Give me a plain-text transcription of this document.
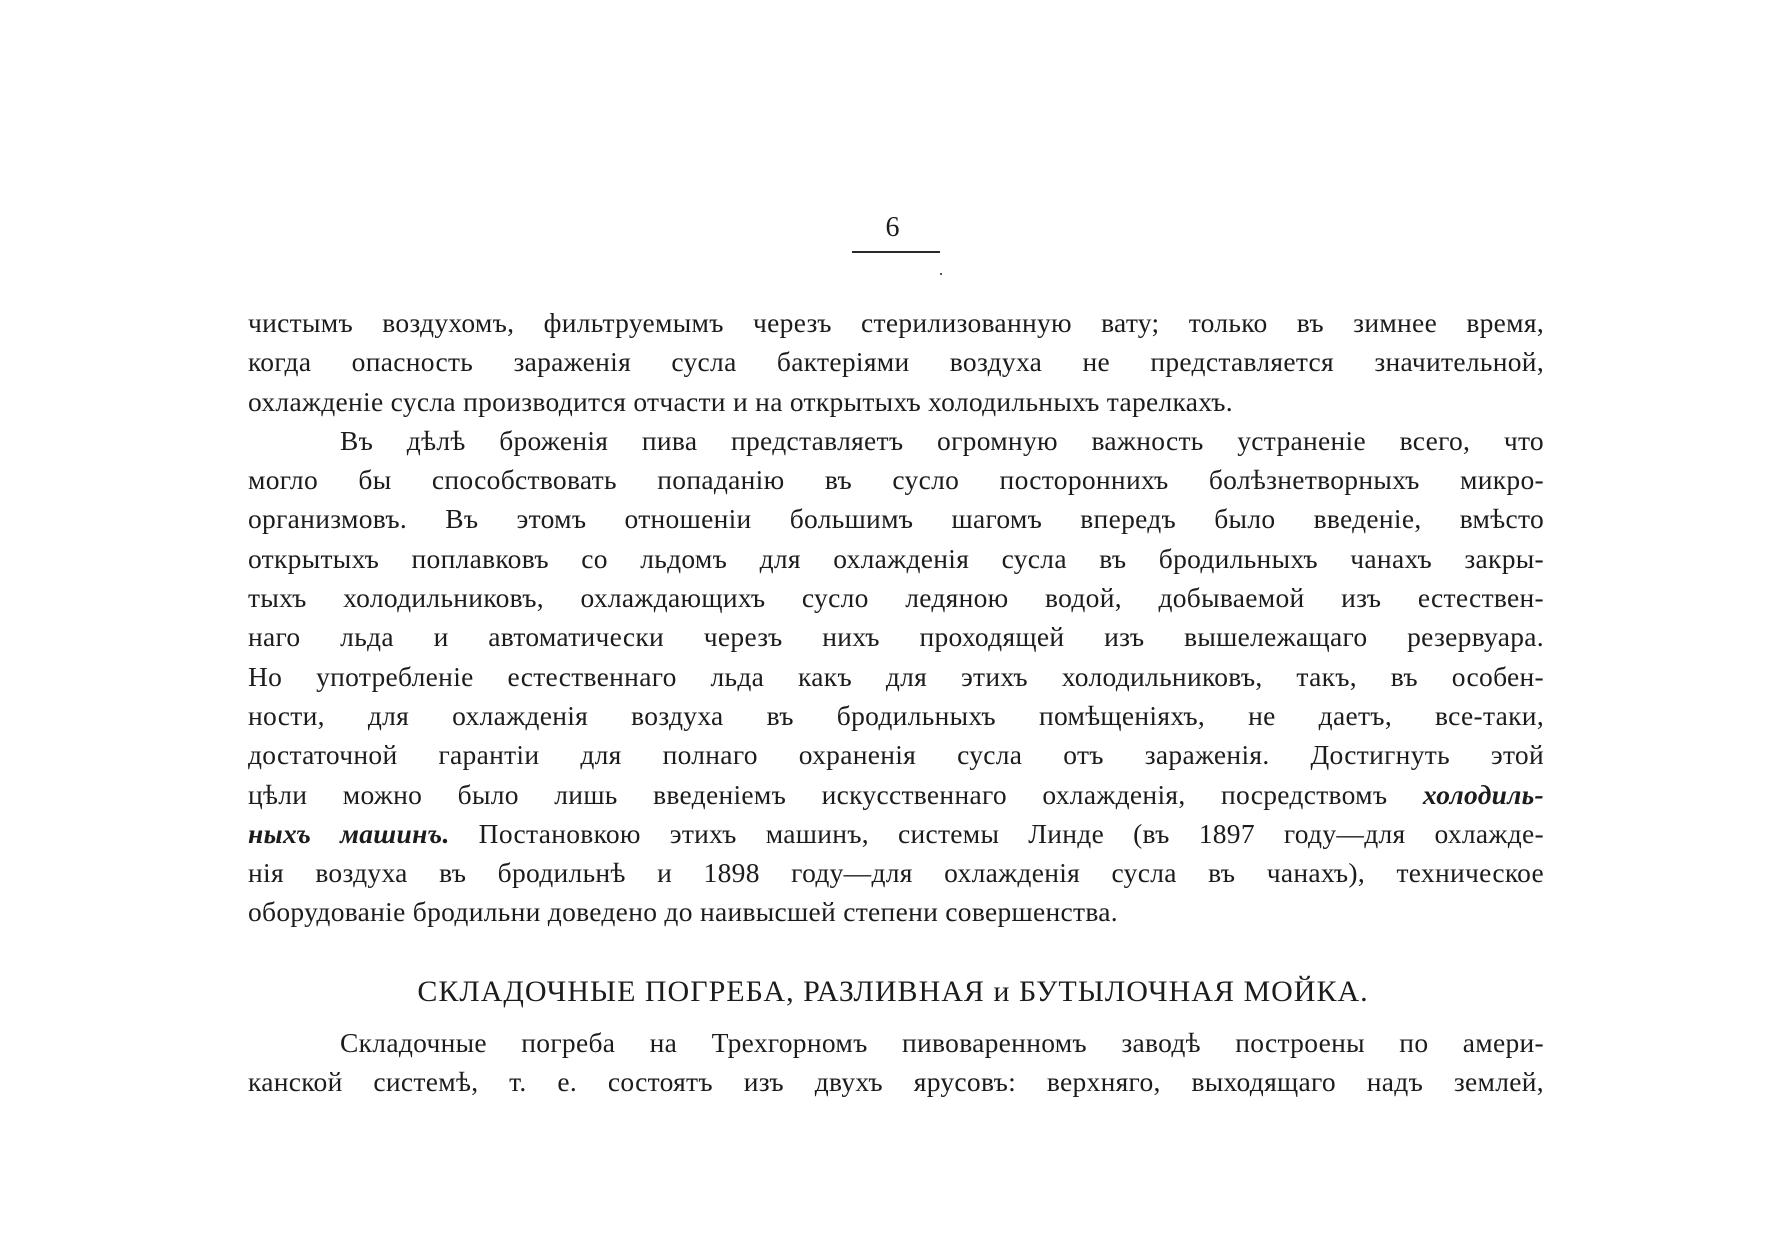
6
чистымъ воздухомъ, фильтруемымъ черезъ стерилизованную вату; только въ зимнее время,
когда опасность зараженія сусла бактеріями воздуха не представляется значительной,
охлажденіе сусла производится отчасти и на открытыхъ холодильныхъ тарелкахъ.
Въ дѣлѣ броженія пива представляетъ огромную важность устраненіе всего, что
могло бы способствовать попаданію въ сусло постороннихъ болѣзнетворныхъ микро-
организмовъ. Въ этомъ отношеніи большимъ шагомъ впередъ было введеніе, вмѣсто
открытыхъ поплавковъ со льдомъ для охлажденія сусла въ бродильныхъ чанахъ закры-
тыхъ холодильниковъ, охлаждающихъ сусло ледяною водой, добываемой изъ естествен-
наго льда и автоматически черезъ нихъ проходящей изъ вышележащаго резервуара.
Но употребленіе естественнаго льда какъ для этихъ холодильниковъ, такъ, въ особен-
ности, для охлажденія воздуха въ бродильныхъ помѣщеніяхъ, не даетъ, все-таки,
достаточной гарантіи для полнаго охраненія сусла отъ зараженія. Достигнуть этой
цѣли можно было лишь введеніемъ искусственнаго охлажденія, посредствомъ холодиль-
ныхъ машинъ. Постановкою этихъ машинъ, системы Линде (въ 1897 году—для охлажде-
нія воздуха въ бродильнѣ и 1898 году—для охлажденія сусла въ чанахъ), техническое
оборудованіе бродильни доведено до наивысшей степени совершенства.
СКЛАДОЧНЫЕ ПОГРЕБА, РАЗЛИВНАЯ и БУТЫЛОЧНАЯ МОЙКА.
Складочные погреба на Трехгорномъ пивоваренномъ заводѣ построены по амери-
канской системѣ, т. е. состоятъ изъ двухъ ярусовъ: верхняго, выходящаго надъ землей,
